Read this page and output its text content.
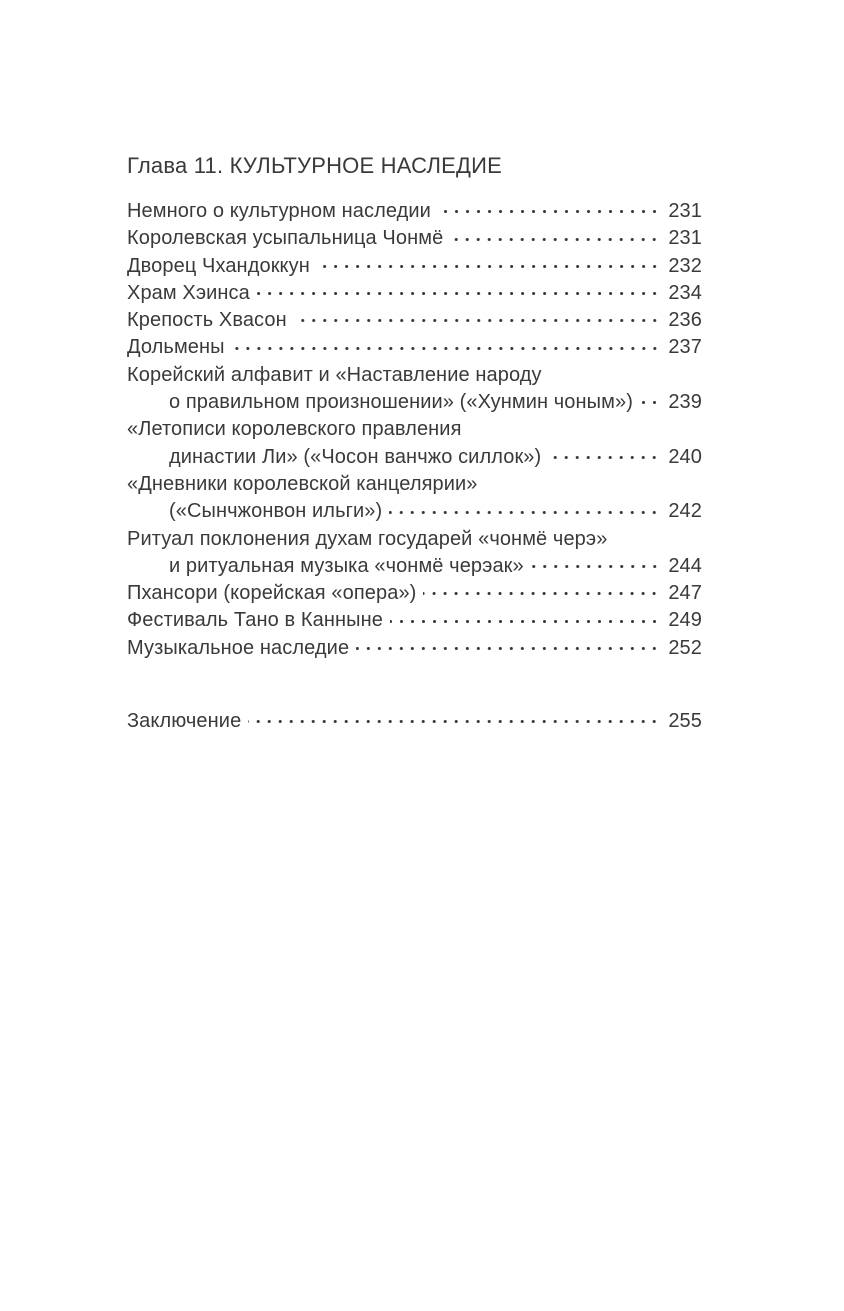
Глава 11. КУЛЬТУРНОЕ НАСЛЕДИЕ
Немного о культурном наследии	231
Королевская усыпальница Чонмё	231
Дворец Чхандоккун	232
Храм Хэинса	234
Крепость Хвасон	236
Дольмены	237
Корейский алфавит и «Наставление народу
о правильном произношении» («Хунмин чоным»)	239
«Летописи королевского правления
династии Ли» («Чосон ванчжо силлок»)	240
«Дневники королевской канцелярии»
(«Сынчжонвон ильги»)	242
Ритуал поклонения духам государей «чонмё черэ»
и ритуальная музыка «чонмё черэак»	244
Пхансори (корейская «опера»)	247
Фестиваль Тано в Канныне	249
Музыкальное наследие	252
Заключение	255
